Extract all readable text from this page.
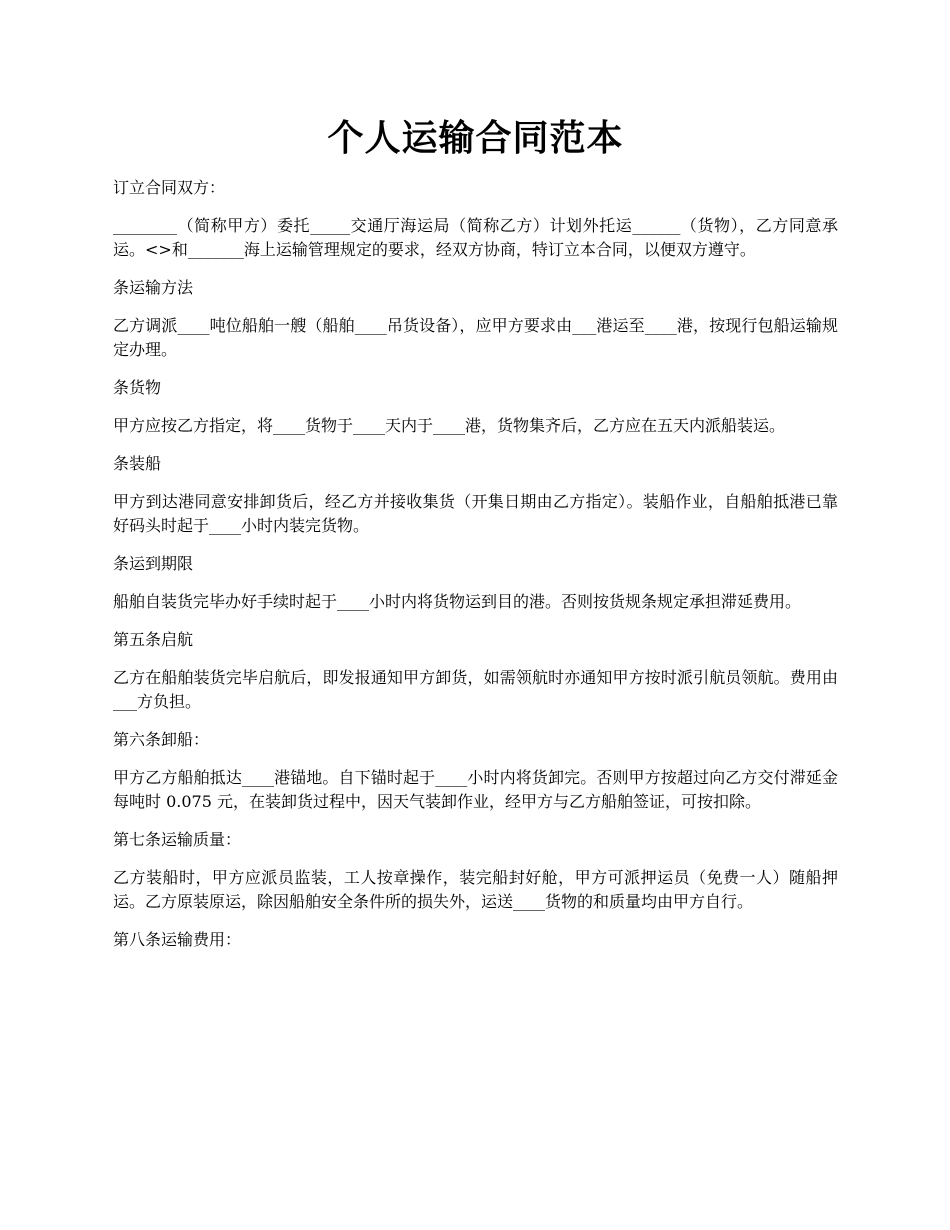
个人运输合同范本
订立合同双方：
________（简称甲方）委托_____交通厅海运局（简称乙方）计划外托运______（货物），乙方同意承运。<>和_______海上运输管理规定的要求，经双方协商，特订立本合同，以便双方遵守。
条运输方法
乙方调派____吨位船舶一艘（船舶____吊货设备），应甲方要求由___港运至____港，按现行包船运输规定办理。
条货物
甲方应按乙方指定，将____货物于____天内于____港，货物集齐后，乙方应在五天内派船装运。
条装船
甲方到达港同意安排卸货后，经乙方并接收集货（开集日期由乙方指定）。装船作业，自船舶抵港已靠好码头时起于____小时内装完货物。
条运到期限
船舶自装货完毕办好手续时起于____小时内将货物运到目的港。否则按货规条规定承担滞延费用。
第五条启航
乙方在船舶装货完毕启航后，即发报通知甲方卸货，如需领航时亦通知甲方按时派引航员领航。费用由___方负担。
第六条卸船：
甲方乙方船舶抵达____港锚地。自下锚时起于____小时内将货卸完。否则甲方按超过向乙方交付滞延金每吨时 0.075 元，在装卸货过程中，因天气装卸作业，经甲方与乙方船舶签证，可按扣除。
第七条运输质量：
乙方装船时，甲方应派员监装，工人按章操作，装完船封好舱，甲方可派押运员（免费一人）随船押运。乙方原装原运，除因船舶安全条件所的损失外，运送____货物的和质量均由甲方自行。
第八条运输费用：
